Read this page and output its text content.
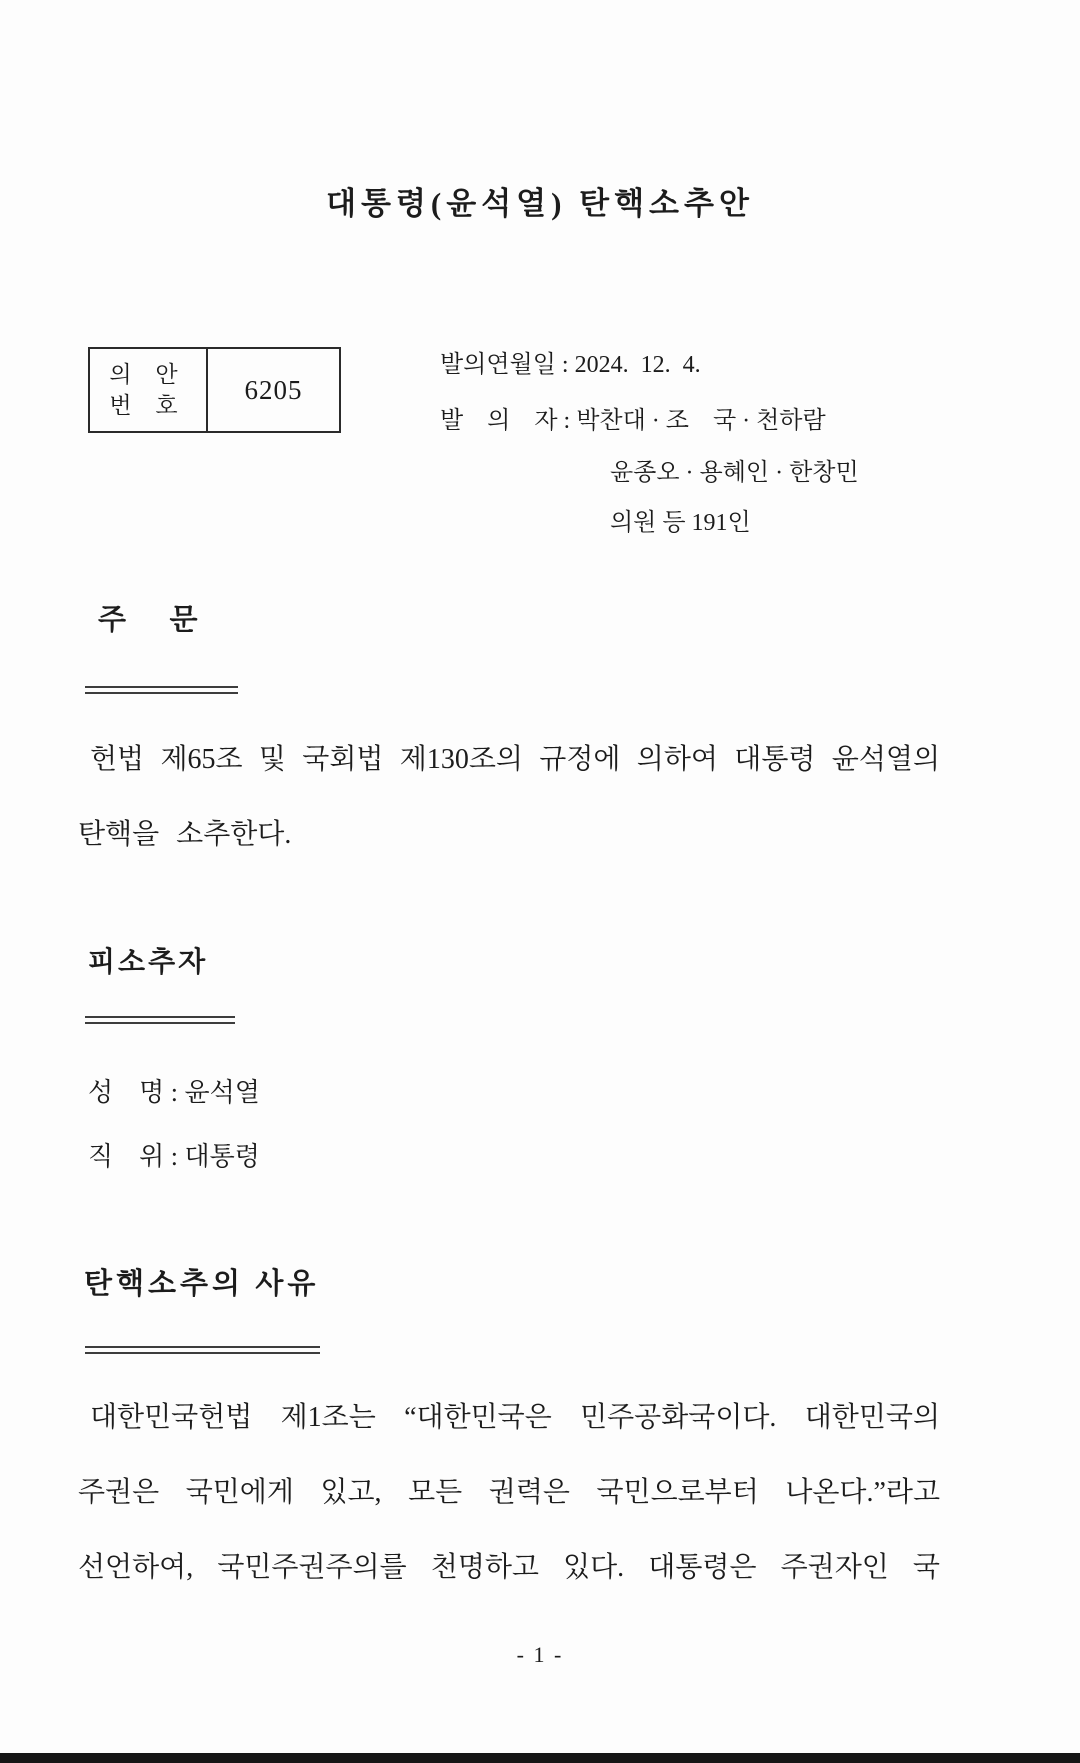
대통령(윤석열) 탄핵소추안
의 안
번 호
6205
발의연월일 : 2024.  12.  4.
발    의    자 : 박찬대 · 조    국 · 천하람
윤종오 · 용혜인 · 한창민
의원 등 191인
주      문
헌법 제65조 및 국회법 제130조의 규정에 의하여 대통령 윤석열의
탄핵을 소추한다.
피소추자
성    명 : 윤석열
직    위 : 대통령
탄핵소추의 사유
대한민국헌법 제1조는 “대한민국은 민주공화국이다. 대한민국의
주권은 국민에게 있고, 모든 권력은 국민으로부터 나온다.”라고
선언하여, 국민주권주의를 천명하고 있다. 대통령은 주권자인 국
- 1 -
